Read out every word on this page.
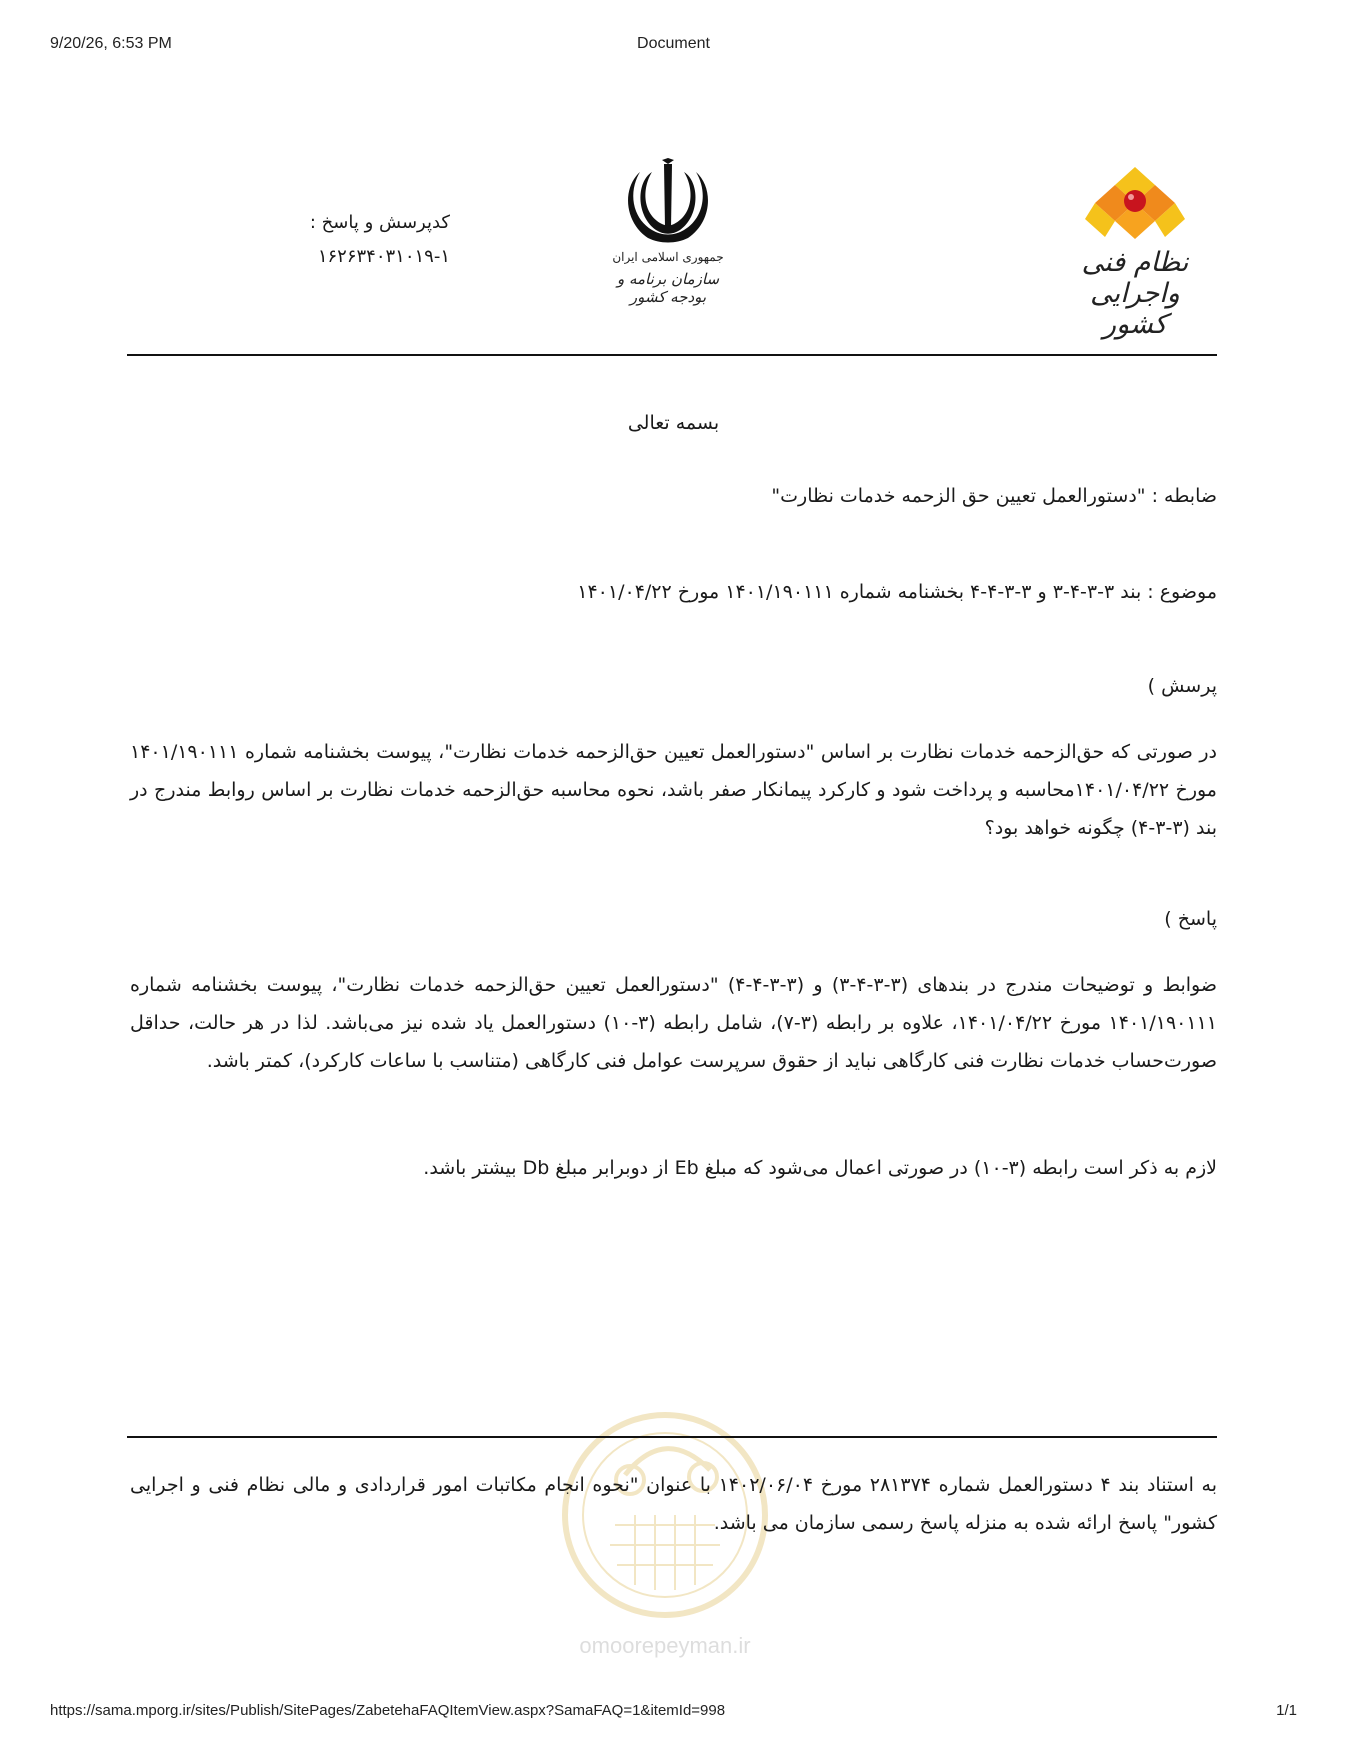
9/20/26, 6:53 PM	Document
کدپرسش و پاسخ :
۱۶۲۶۳۴۰۳۱۰۱۹-۱	جمهوری اسلامی ایران
سازمان برنامه و بودجه کشور
نظام فنی واجرایی کشور
بسمه تعالی
ضابطه : "دستورالعمل تعیین حق الزحمه خدمات نظارت"
موضوع : بند ۳-۳-۴-۳ و ۳-۳-۴-۴ بخشنامه شماره ۱۴۰۱/۱۹۰۱۱۱ مورخ ۱۴۰۱/۰۴/۲۲
پرسش )
در صورتی که حق‌الزحمه خدمات نظارت بر اساس "دستورالعمل تعیین حق‌الزحمه خدمات نظارت"، پیوست بخشنامه شماره ۱۴۰۱/۱۹۰۱۱۱ مورخ ۱۴۰۱/۰۴/۲۲محاسبه و پرداخت شود و کارکرد پیمانکار صفر باشد، نحوه محاسبه حق‌الزحمه خدمات نظارت بر اساس روابط مندرج در بند (۳-۳-۴) چگونه خواهد بود؟
پاسخ )
ضوابط و توضیحات مندرج در بندهای (۳-۳-۴-۳) و (۳-۳-۴-۴) "دستورالعمل تعیین حق‌الزحمه خدمات نظارت"، پیوست بخشنامه شماره ۱۴۰۱/۱۹۰۱۱۱ مورخ ۱۴۰۱/۰۴/۲۲، علاوه بر رابطه (۳-۷)، شامل رابطه (۳-۱۰) دستورالعمل یاد شده نیز می‌باشد. لذا در هر حالت، حداقل صورت‌حساب خدمات نظارت فنی کارگاهی نباید از حقوق سرپرست عوامل فنی کارگاهی (متناسب با ساعات کارکرد)، کمتر باشد.
لازم به ذکر است رابطه (۳-۱۰) در صورتی اعمال می‌شود که مبلغ Eb از دوبرابر مبلغ Db بیشتر باشد.
omoorepeyman.ir
به استناد بند ۴ دستورالعمل شماره ۲۸۱۳۷۴ مورخ ۱۴۰۲/۰۶/۰۴ با عنوان "نحوه انجام مکاتبات امور قراردادی و مالی نظام فنی و اجرایی کشور" پاسخ ارائه شده به منزله پاسخ رسمی سازمان می باشد.
https://sama.mporg.ir/sites/Publish/SitePages/ZabetehaFAQItemView.aspx?SamaFAQ=1&itemId=998	1/1
